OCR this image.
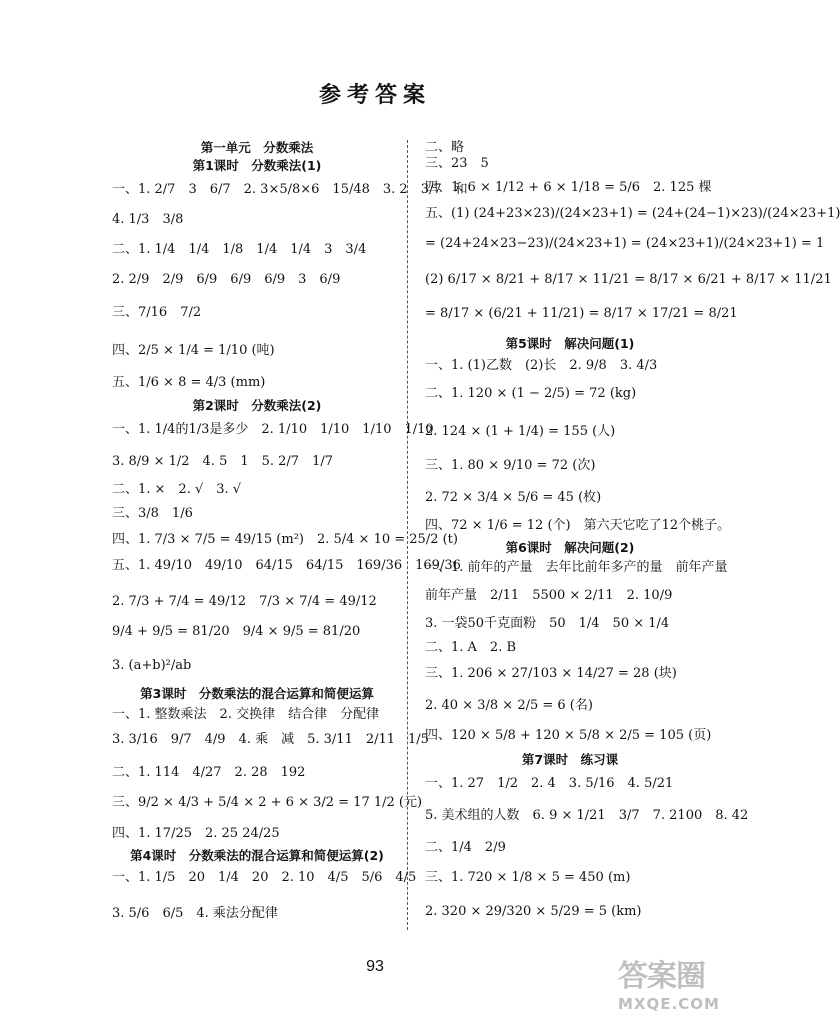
参考答案
第一单元　分数乘法
第1课时　分数乘法(1)
一、1. 2/7　3　6/7　2. 3×5/8×6　15/48　3. 2　3/7　和
4. 1/3　3/8
二、1. 1/4　1/4　1/8　1/4　1/4　3　3/4
2. 2/9　2/9　6/9　6/9　6/9　3　6/9
三、7/16　7/2
四、2/5 × 1/4 = 1/10 (吨)
五、1/6 × 8 = 4/3 (mm)
第2课时　分数乘法(2)
一、1. 1/4的1/3是多少　2. 1/10　1/10　1/10　1/10
3. 8/9 × 1/2　4. 5　1　5. 2/7　1/7
二、1. ×　2. √　3. √
三、3/8　1/6
四、1. 7/3 × 7/5 = 49/15 (m²)　2. 5/4 × 10 = 25/2 (t)
五、1. 49/10　49/10　64/15　64/15　169/36　169/36
2. 7/3 + 7/4 = 49/12　7/3 × 7/4 = 49/12
9/4 + 9/5 = 81/20　9/4 × 9/5 = 81/20
3. (a+b)²/ab
第3课时　分数乘法的混合运算和简便运算
一、1. 整数乘法　2. 交换律　结合律　分配律
3. 3/16　9/7　4/9　4. 乘　减　5. 3/11　2/11　1/5
二、1. 114　4/27　2. 28　192
三、9/2 × 4/3 + 5/4 × 2 + 6 × 3/2 = 17 1/2 (元)
四、1. 17/25　2. 25 24/25
第4课时　分数乘法的混合运算和简便运算(2)
一、1. 1/5　20　1/4　20　2. 10　4/5　5/6　4/5
3. 5/6　6/5　4. 乘法分配律
二、略
三、23　5
四、1. 6 × 1/12 + 6 × 1/18 = 5/6　2. 125 棵
五、(1) (24+23×23)/(24×23+1) = (24+(24−1)×23)/(24×23+1)
= (24+24×23−23)/(24×23+1) = (24×23+1)/(24×23+1) = 1
(2) 6/17 × 8/21 + 8/17 × 11/21 = 8/17 × 6/21 + 8/17 × 11/21
= 8/17 × (6/21 + 11/21) = 8/17 × 17/21 = 8/21
第5课时　解决问题(1)
一、1. (1)乙数　(2)长　2. 9/8　3. 4/3
二、1. 120 × (1 − 2/5) = 72 (kg)
2. 124 × (1 + 1/4) = 155 (人)
三、1. 80 × 9/10 = 72 (次)
2. 72 × 3/4 × 5/6 = 45 (枚)
四、72 × 1/6 = 12 (个)　第六天它吃了12个桃子。
第6课时　解决问题(2)
一、1. 前年的产量　去年比前年多产的量　前年产量
前年产量　2/11　5500 × 2/11　2. 10/9
3. 一袋50千克面粉　50　1/4　50 × 1/4
二、1. A　2. B
三、1. 206 × 27/103 × 14/27 = 28 (块)
2. 40 × 3/8 × 2/5 = 6 (名)
四、120 × 5/8 + 120 × 5/8 × 2/5 = 105 (页)
第7课时　练习课
一、1. 27　1/2　2. 4　3. 5/16　4. 5/21
5. 美术组的人数　6. 9 × 1/21　3/7　7. 2100　8. 42
二、1/4　2/9
三、1. 720 × 1/8 × 5 = 450 (m)
2. 320 × 29/320 × 5/29 = 5 (km)
93	答案圈
MXQE.COM
